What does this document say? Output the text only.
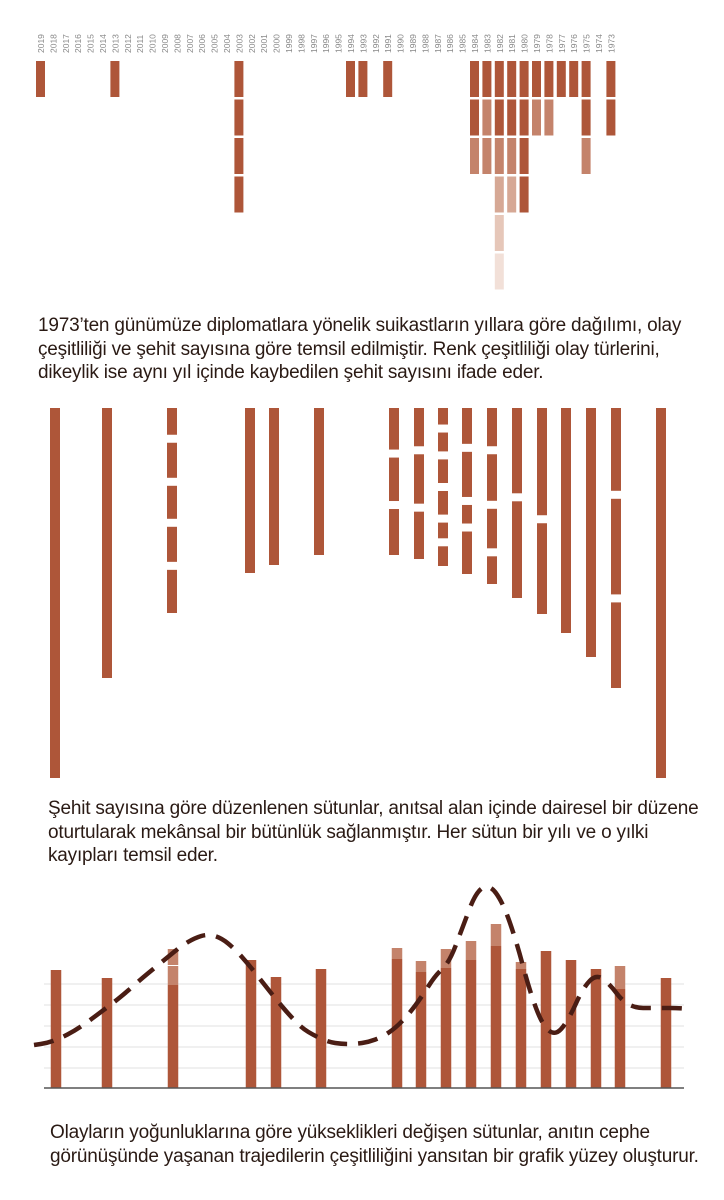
2019 2018 2017 2016 2015 2014 2013 2012 2011 2010 2009 2008 2007 2006 2005 2004 2003 2002 2001 2000 1999 1998 1997 1996 1995 1994 1993 1992 1991 1990 1989 1988 1987 1986 1985 1984 1983 1982 1981 1980 1979 1978 1977 1976 1975 1974 1973

1973’ten günümüze diplomatlara yönelik suikastların yıllara göre dağılımı, olay çeşitliliği ve şehit sayısına göre temsil edilmiştir. Renk çeşitliliği olay türlerini, dikeylik ise aynı yıl içinde kaybedilen şehit sayısını ifade eder.

Şehit sayısına göre düzenlenen sütunlar, anıtsal alan içinde dairesel bir düzene oturtularak mekânsal bir bütünlük sağlanmıştır. Her sütun bir yılı ve o yılki kayıpları temsil eder.

Olayların yoğunluklarına göre yükseklikleri değişen sütunlar, anıtın cephe görünüşünde yaşanan trajedilerin çeşitliliğini yansıtan bir grafik yüzey oluşturur.
